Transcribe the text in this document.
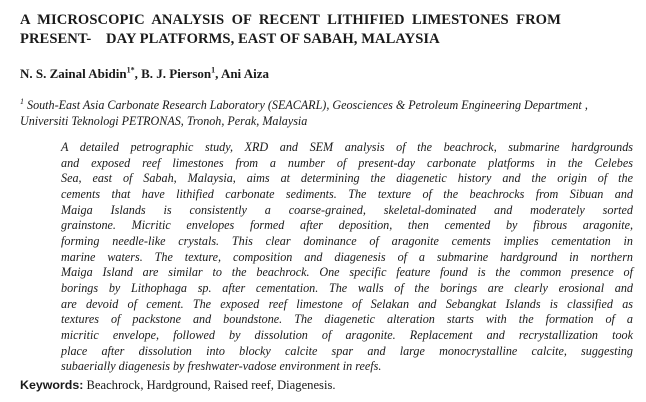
A  MICROSCOPIC  ANALYSIS  OF  RECENT  LITHIFIED  LIMESTONES  FROM
PRESENT-    DAY PLATFORMS, EAST OF SABAH, MALAYSIA

N. S. Zainal Abidin$^{1*}$, B. J. Pierson$^1$, Ani Aiza

$^1$ South-East Asia Carbonate Research Laboratory (SEACARL), Geosciences & Petroleum Engineering Department ,
Universiti Teknologi PETRONAS, Tronoh, Perak, Malaysia

A detailed petrographic study, XRD and SEM analysis of the beachrock, submarine hardgrounds
and exposed reef limestones from a number of present-day carbonate platforms in the Celebes
Sea, east of Sabah, Malaysia, aims at determining the diagenetic history and the origin of the
cements that have lithified carbonate sediments. The texture of the beachrocks from Sibuan and
Maiga Islands is consistently a coarse-grained, skeletal-dominated and moderately sorted
grainstone. Micritic envelopes formed after deposition, then cemented by fibrous aragonite,
forming needle-like crystals. This clear dominance of aragonite cements implies cementation in
marine waters. The texture, composition and diagenesis of a submarine hardground in northern
Maiga Island are similar to the beachrock. One specific feature found is the common presence of
borings by Lithophaga sp. after cementation. The walls of the borings are clearly erosional and
are devoid of cement. The exposed reef limestone of Selakan and Sebangkat Islands is classified as
textures of packstone and boundstone. The diagenetic alteration starts with the formation of a
micritic envelope, followed by dissolution of aragonite. Replacement and recrystallization took
place after dissolution into blocky calcite spar and large monocrystalline calcite, suggesting
subaerially diagenesis by freshwater-vadose environment in reefs.

Keywords: Beachrock, Hardground, Raised reef, Diagenesis.
